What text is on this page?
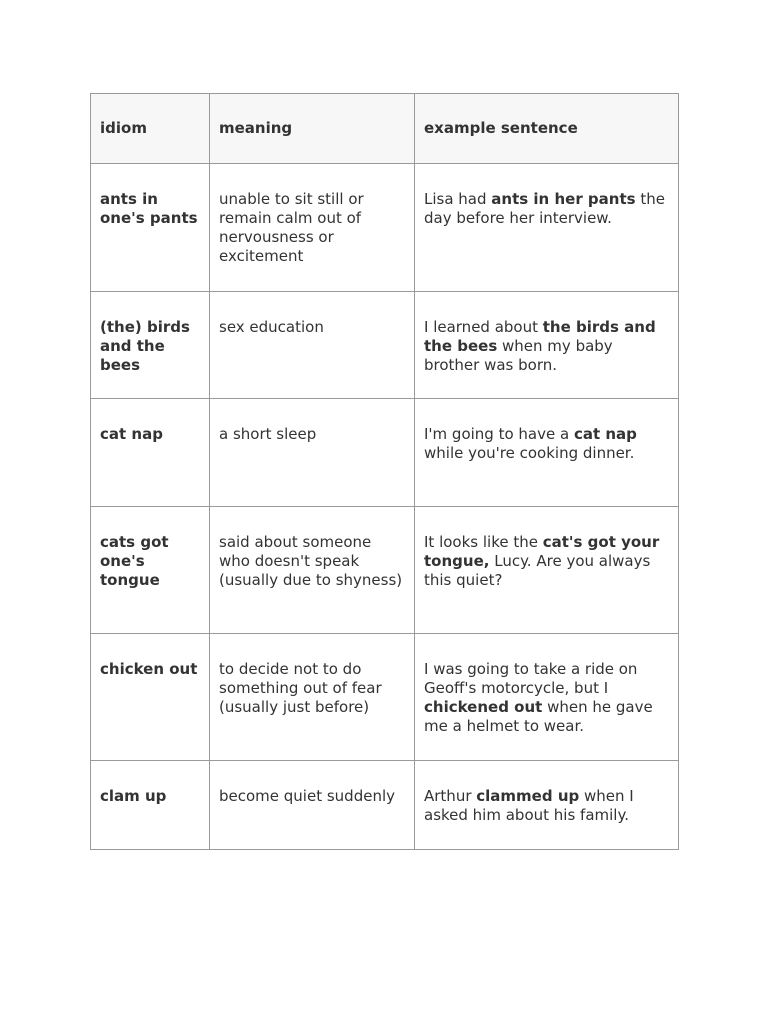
idiom	meaning	example sentence
ants in one's pants	unable to sit still or remain calm out of nervousness or excitement	Lisa had ants in her pants the day before her interview.
(the) birds and the bees	sex education	I learned about the birds and the bees when my baby brother was born.
cat nap	a short sleep	I'm going to have a cat nap while you're cooking dinner.
cats got one's tongue	said about someone who doesn't speak (usually due to shyness)	It looks like the cat's got your tongue, Lucy. Are you always this quiet?
chicken out	to decide not to do something out of fear (usually just before)	I was going to take a ride on Geoff's motorcycle, but I chickened out when he gave me a helmet to wear.
clam up	become quiet suddenly	Arthur clammed up when I asked him about his family.
